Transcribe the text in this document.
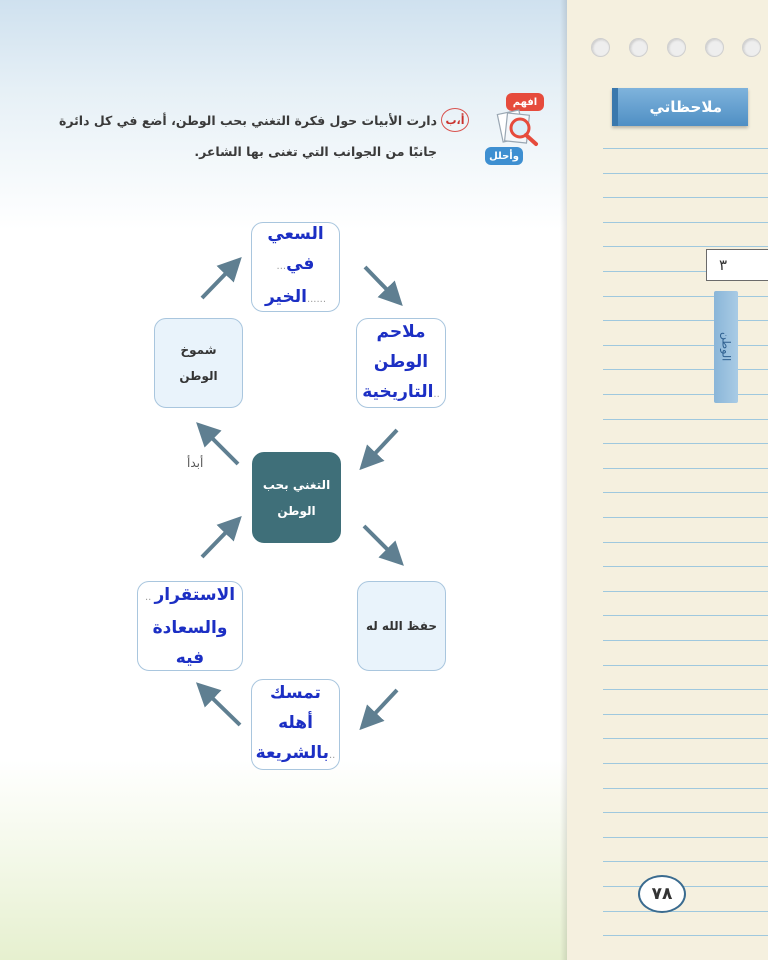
ملاحظاتي
٣
الوطن
٧٨
افهم
وأحلل
أ،ب
دارت الأبيات حول فكرة التغني بحب الوطن، أضع في كل دائرة
جانبًا من الجوانب التي تغنى بها الشاعر.
التغني بحب
الوطن
السعي في...
......الخير
ملاحم الوطن
..التاريخية
حفظ الله له
تمسك أهله
..بالشريعة
الاستقرار ..
والسعادة فيه
شموخ
الوطن
أبدأ
